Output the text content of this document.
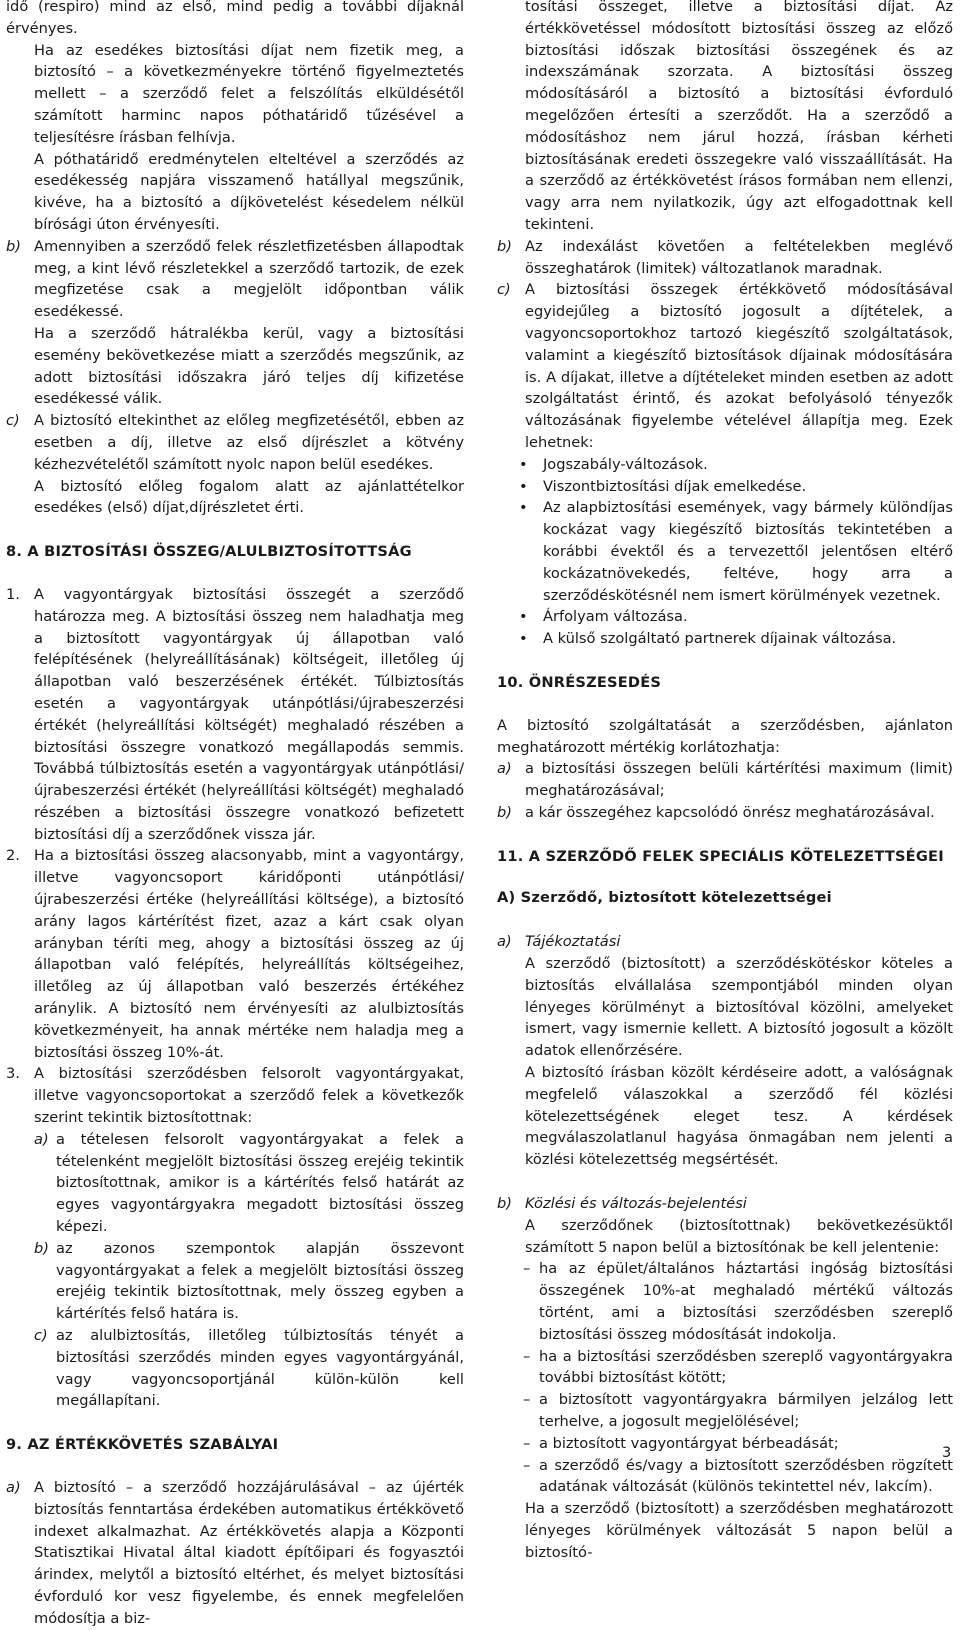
idő (respiro) mind az első, mind pedig a további díjaknál érvényes.

Ha az esedékes biztosítási díjat nem fizetik meg, a biztosító – a következményekre történő figyelmeztetés mellett – a szerződő felet a felszólítás elküldésétől számított harminc napos póthatáridő tűzésével a teljesítésre írásban felhívja.

A póthatáridő eredménytelen elteltével a szerződés az esedékesség napjára visszamenő hatállyal megszűnik, kivéve, ha a biztosító a díjkövetelést késedelem nélkül bírósági úton érvényesíti.

b) Amennyiben a szerződő felek részletfizetésben állapodtak meg, a kint lévő részletekkel a szerződő tartozik, de ezek megfizetése csak a megjelölt időpontban válik esedékessé.

Ha a szerződő hátralékba kerül, vagy a biztosítási esemény bekövetkezése miatt a szerződés megszűnik, az adott biztosítási időszakra járó teljes díj kifizetése esedékessé válik.

c) A biztosító eltekinthet az előleg megfizetésétől, ebben az esetben a díj, illetve az első díjrészlet a kötvény kézhezvételétől számított nyolc napon belül esedékes.

A biztosító előleg fogalom alatt az ajánlattételkor esedékes (első) díjat,díjrészletet érti.

8. A BIZTOSÍTÁSI ÖSSZEG/ALULBIZTOSÍTOTTSÁG
1. A vagyontárgyak biztosítási összegét a szerződő határozza meg. A biztosítási összeg nem haladhatja meg a biztosított vagyontárgyak új állapotban való felépítésének (helyreállításának) költségeit, illetőleg új állapotban való beszerzésének értékét. Túlbiztosítás esetén a vagyontárgyak utánpótlási/újrabeszerzési értékét (helyreállítási költségét) meghaladó részében a biztosítási összegre vonatkozó megállapodás semmis. Továbbá túlbiztosítás esetén a vagyontárgyak utánpótlási/újrabeszerzési értékét (helyreállítási költségét) meghaladó részében a biztosítási összegre vonatkozó befizetett biztosítási díj a szerződőnek vissza jár.

2. Ha a biztosítási összeg alacsonyabb, mint a vagyontárgy, illetve vagyoncsoport káridőponti utánpótlási/újrabeszerzési értéke (helyreállítási költsége), a biztosító arány lagos kártérítést fizet, azaz a kárt csak olyan arányban téríti meg, ahogy a biztosítási összeg az új állapotban való felépítés, helyreállítás költségeihez, illetőleg az új állapotban való beszerzés értékéhez aránylik. A biztosító nem érvényesíti az alulbiztosítás következményeit, ha annak mértéke nem haladja meg a biztosítási összeg 10%-át.

3. A biztosítási szerződésben felsorolt vagyontárgyakat, illetve vagyoncsoportokat a szerződő felek a következők szerint tekintik biztosítottnak:

a) a tételesen felsorolt vagyontárgyakat a felek a tételenként megjelölt biztosítási összeg erejéig tekintik biztosítottnak, amikor is a kártérítés felső határát az egyes vagyontárgyakra megadott biztosítási összeg képezi.

b) az azonos szempontok alapján összevont vagyontárgyakat a felek a megjelölt biztosítási összeg erejéig tekintik biztosítottnak, mely összeg egyben a kártérítés felső határa is.

c) az alulbiztosítás, illetőleg túlbiztosítás tényét a biztosítási szerződés minden egyes vagyontárgyánál, vagy vagyoncsoportjánál külön-külön kell megállapítani.

9. AZ ÉRTÉKKÖVETÉS SZABÁLYAI
a) A biztosító – a szerződő hozzájárulásával – az újérték biztosítás fenntartása érdekében automatikus értékkövető indexet alkalmazhat. Az értékkövetés alapja a Központi Statisztikai Hivatal által kiadott építőipari és fogyasztói árindex, melytől a biztosító eltérhet, és melyet biztosítási évforduló kor vesz figyelembe, és ennek megfelelően módosítja a biz-

tosítási összeget, illetve a biztosítási díjat. Az értékkövetéssel módosított biztosítási összeg az előző biztosítási időszak biztosítási összegének és az indexszámának szorzata. A biztosítási összeg módosításáról a biztosító a biztosítási évforduló megelőzően értesíti a szerződőt. Ha a szerződő a módosításhoz nem járul hozzá, írásban kérheti biztosításának eredeti összegekre való visszaállítását. Ha a szerződő az értékkövetést írásos formában nem ellenzi, vagy arra nem nyilatkozik, úgy azt elfogadottnak kell tekinteni.

b) Az indexálást követően a feltételekben meglévő összeghatárok (limitek) változatlanok maradnak.

c) A biztosítási összegek értékkövető módosításával egyidejűleg a biztosító jogosult a díjtételek, a vagyoncsoportokhoz tartozó kiegészítő szolgáltatások, valamint a kiegészítő biztosítások díjainak módosítására is. A díjakat, illetve a díjtételeket minden esetben az adott szolgáltatást érintő, és azokat befolyásoló tényezők változásának figyelembe vételével állapítja meg. Ezek lehetnek:

• Jogszabály-változások.

• Viszontbiztosítási díjak emelkedése.

• Az alapbiztosítási események, vagy bármely különdíjas kockázat vagy kiegészítő biztosítás tekintetében a korábbi évektől és a tervezettől jelentősen eltérő kockázatnövekedés, feltéve, hogy arra a szerződéskötésnél nem ismert körülmények vezetnek.

• Árfolyam változása.

• A külső szolgáltató partnerek díjainak változása.

10. ÖNRÉSZESEDÉS

A biztosító szolgáltatását a szerződésben, ajánlaton meghatározott mértékig korlátozhatja:

a) a biztosítási összegen belüli kártérítési maximum (limit) meghatározásával;

b) a kár összegéhez kapcsolódó önrész meghatározásával.

11. A SZERZŐDŐ FELEK SPECIÁLIS KÖTELEZETTSÉGEI
A) Szerződő, biztosított kötelezettségei
a) Tájékoztatási

A szerződő (biztosított) a szerződéskötéskor köteles a biztosítás elvállalása szempontjából minden olyan lényeges körülményt a biztosítóval közölni, amelyeket ismert, vagy ismernie kellett. A biztosító jogosult a közölt adatok ellenőrzésére.

A biztosító írásban közölt kérdéseire adott, a valóságnak megfelelő válaszokkal a szerződő fél közlési kötelezettségének eleget tesz. A kérdések megválaszolatlanul hagyása önmagában nem jelenti a közlési kötelezettség megsértését.

b) Közlési és változás-bejelentési

A szerződőnek (biztosítottnak) bekövetkezésüktől számított 5 napon belül a biztosítónak be kell jelentenie:

– ha az épület/általános háztartási ingóság biztosítási összegének 10%-at meghaladó mértékű változás történt, ami a biztosítási szerződésben szereplő biztosítási összeg módosítását indokolja.

– ha a biztosítási szerződésben szereplő vagyontárgyakra további biztosítást kötött;

– a biztosított vagyontárgyakra bármilyen jelzálog lett terhelve, a jogosult megjelölésével;

– a biztosított vagyontárgyat bérbeadását;

– a szerződő és/vagy a biztosított szerződésben rögzített adatának változását (különös tekintettel név, lakcím).

Ha a szerződő (biztosított) a szerződésben meghatározott lényeges körülmények változását 5 napon belül a biztosító-

3
